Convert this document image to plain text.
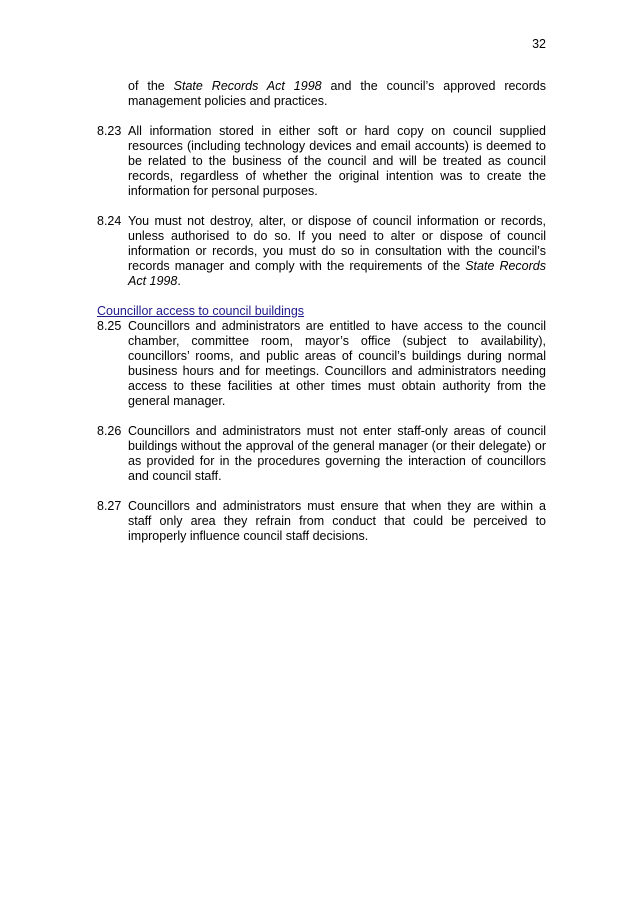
32
of the State Records Act 1998 and the council’s approved records management policies and practices.
8.23 All information stored in either soft or hard copy on council supplied resources (including technology devices and email accounts) is deemed to be related to the business of the council and will be treated as council records, regardless of whether the original intention was to create the information for personal purposes.
8.24 You must not destroy, alter, or dispose of council information or records, unless authorised to do so. If you need to alter or dispose of council information or records, you must do so in consultation with the council’s records manager and comply with the requirements of the State Records Act 1998.
Councillor access to council buildings
8.25 Councillors and administrators are entitled to have access to the council chamber, committee room, mayor’s office (subject to availability), councillors’ rooms, and public areas of council’s buildings during normal business hours and for meetings. Councillors and administrators needing access to these facilities at other times must obtain authority from the general manager.
8.26 Councillors and administrators must not enter staff-only areas of council buildings without the approval of the general manager (or their delegate) or as provided for in the procedures governing the interaction of councillors and council staff.
8.27 Councillors and administrators must ensure that when they are within a staff only area they refrain from conduct that could be perceived to improperly influence council staff decisions.
